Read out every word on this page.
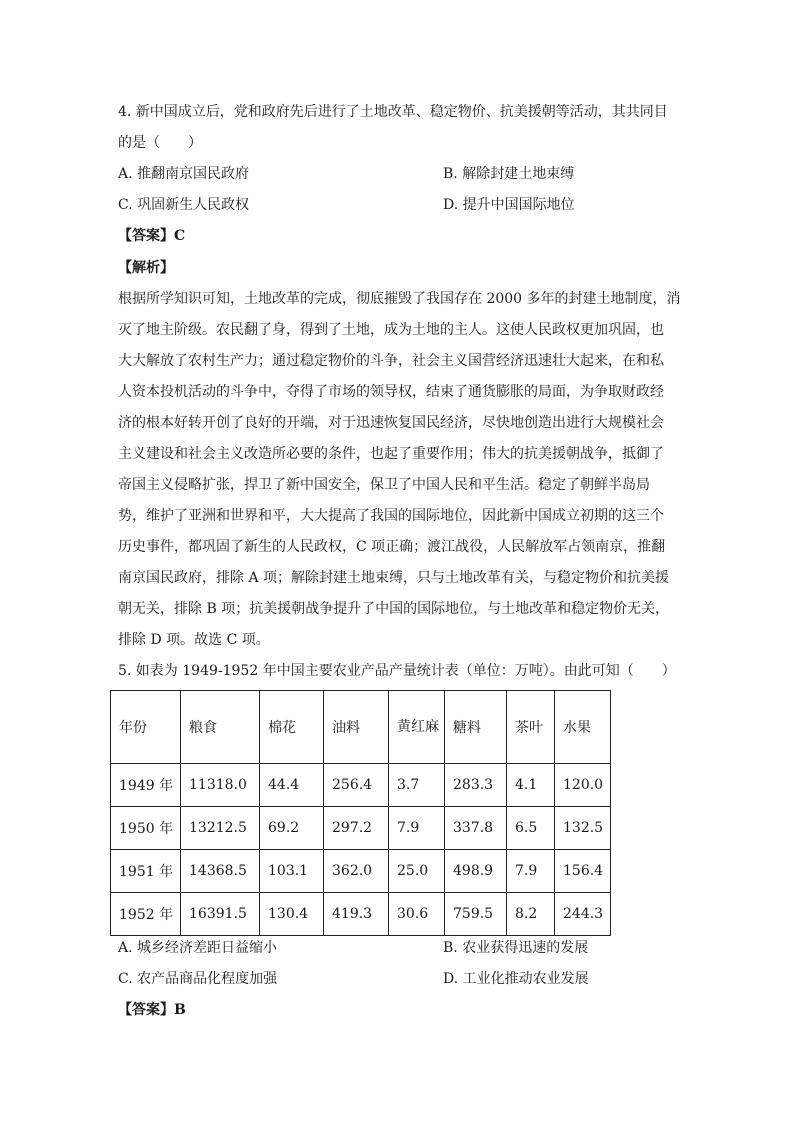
4. 新中国成立后，党和政府先后进行了土地改革、稳定物价、抗美援朝等活动，其共同目
的是（　　）
A. 推翻南京国民政府	B. 解除封建土地束缚
C. 巩固新生人民政权	D. 提升中国国际地位
【答案】C
【解析】
根据所学知识可知，土地改革的完成，彻底摧毁了我国存在 2000 多年的封建土地制度，消
灭了地主阶级。农民翻了身，得到了土地，成为土地的主人。这使人民政权更加巩固，也
大大解放了农村生产力；通过稳定物价的斗争，社会主义国营经济迅速壮大起来，在和私
人资本投机活动的斗争中，夺得了市场的领导权，结束了通货膨胀的局面，为争取财政经
济的根本好转开创了良好的开端，对于迅速恢复国民经济，尽快地创造出进行大规模社会
主义建设和社会主义改造所必要的条件，也起了重要作用；伟大的抗美援朝战争，抵御了
帝国主义侵略扩张，捍卫了新中国安全，保卫了中国人民和平生活。稳定了朝鲜半岛局
势，维护了亚洲和世界和平，大大提高了我国的国际地位，因此新中国成立初期的这三个
历史事件，都巩固了新生的人民政权，C 项正确；渡江战役，人民解放军占领南京，推翻
南京国民政府，排除 A 项；解除封建土地束缚，只与土地改革有关，与稳定物价和抗美援
朝无关，排除 B 项；抗美援朝战争提升了中国的国际地位，与土地改革和稳定物价无关，
排除 D 项。故选 C 项。
5. 如表为 1949-1952 年中国主要农业产品产量统计表（单位：万吨）。由此可知（　　）
年份	粮食	棉花	油料	黄红麻	糖料	茶叶	水果
1949 年	11318.0	44.4	256.4	3.7	283.3	4.1	120.0
1950 年	13212.5	69.2	297.2	7.9	337.8	6.5	132.5
1951 年	14368.5	103.1	362.0	25.0	498.9	7.9	156.4
1952 年	16391.5	130.4	419.3	30.6	759.5	8.2	244.3
A. 城乡经济差距日益缩小	B. 农业获得迅速的发展
C. 农产品商品化程度加强	D. 工业化推动农业发展
【答案】B
